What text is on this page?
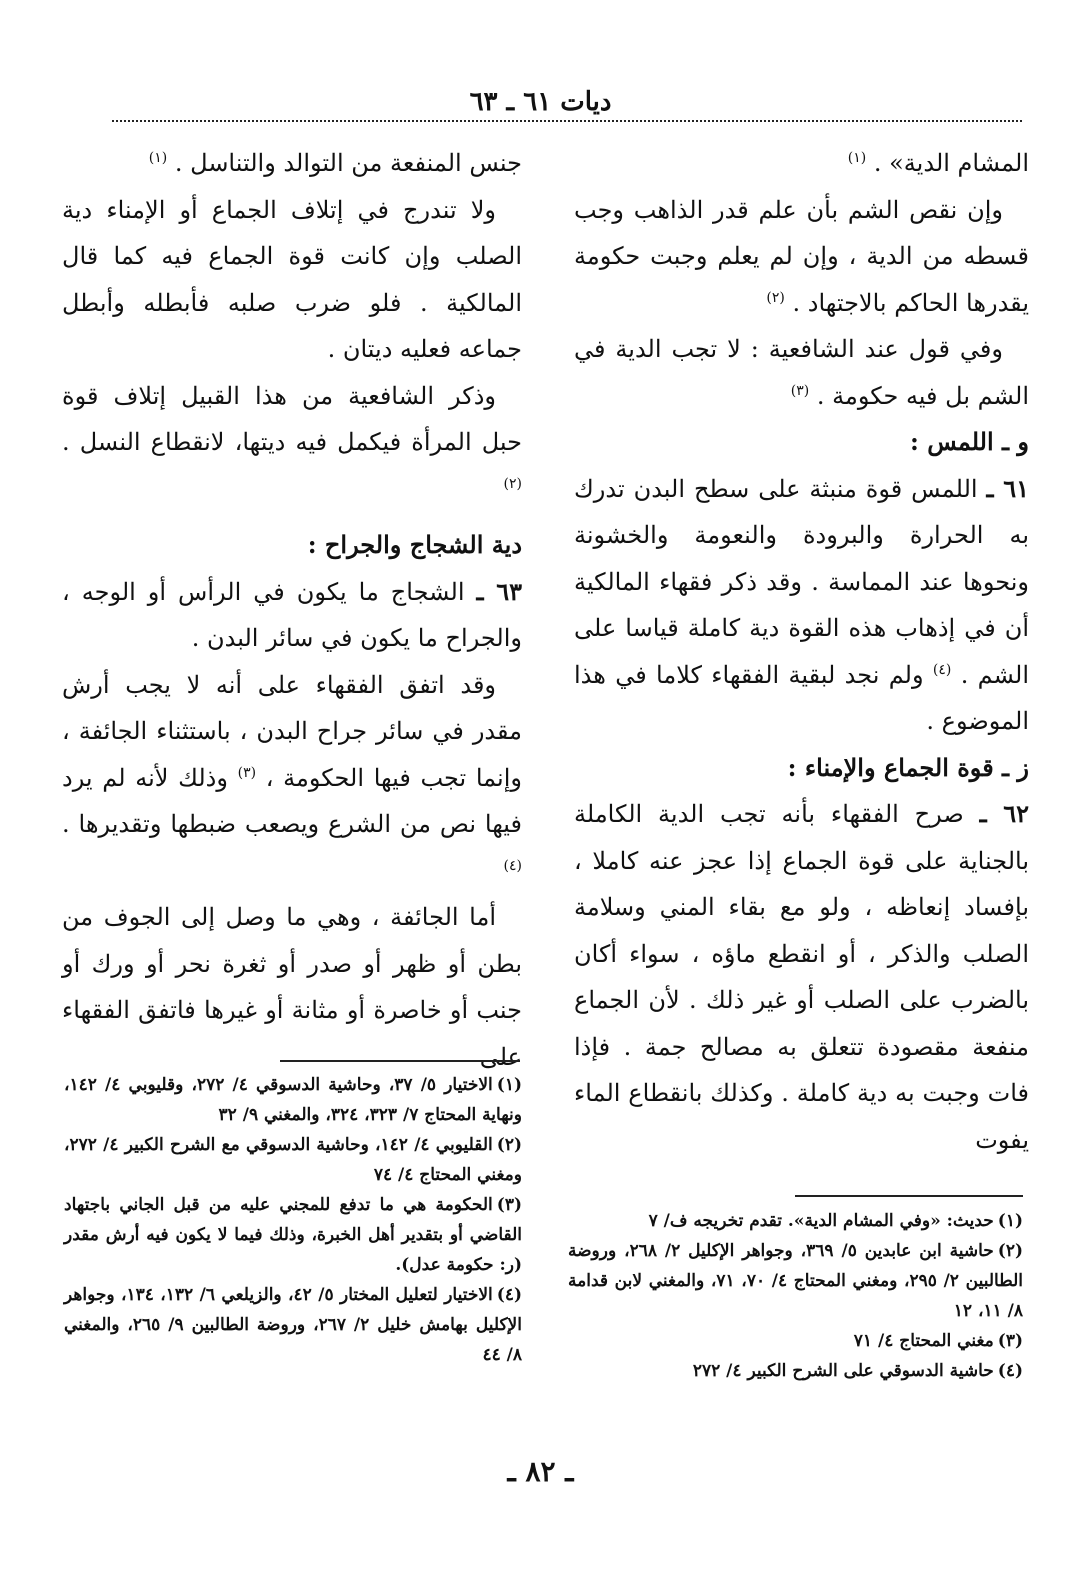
ديات ٦١ ـ ٦٣

المشام الدية» . $^{(١)}$

وإن نقص الشم بأن علم قدر الذاهب وجب قسطه من الدية ، وإن لم يعلم وجبت حكومة يقدرها الحاكم بالاجتهاد . $^{(٢)}$

وفي قول عند الشافعية : لا تجب الدية في الشم بل فيه حكومة . $^{(٣)}$

و ـ اللمس :

٦١ ـ اللمس قوة منبثة على سطح البدن تدرك به الحرارة والبرودة والنعومة والخشونة ونحوها عند المماسة . وقد ذكر فقهاء المالكية أن في إذهاب هذه القوة دية كاملة قياسا على الشم . $^{(٤)}$ ولم نجد لبقية الفقهاء كلاما في هذا الموضوع .

ز ـ قوة الجماع والإمناء :

٦٢ ـ صرح الفقهاء بأنه تجب الدية الكاملة بالجناية على قوة الجماع إذا عجز عنه كاملا ، بإفساد إنعاظه ، ولو مع بقاء المني وسلامة الصلب والذكر ، أو انقطع ماؤه ، سواء أكان بالضرب على الصلب أو غير ذلك . لأن الجماع منفعة مقصودة تتعلق به مصالح جمة . فإذا فات وجبت به دية كاملة . وكذلك بانقطاع الماء يفوت

جنس المنفعة من التوالد والتناسل . $^{(١)}$

ولا تندرج في إتلاف الجماع أو الإمناء دية الصلب وإن كانت قوة الجماع فيه كما قال المالكية . فلو ضرب صلبه فأبطله وأبطل جماعه فعليه ديتان .

وذكر الشافعية من هذا القبيل إتلاف قوة حبل المرأة فيكمل فيه ديتها، لانقطاع النسل . $^{(٢)}$

دية الشجاج والجراح :

٦٣ ـ الشجاج ما يكون في الرأس أو الوجه ، والجراح ما يكون في سائر البدن .

وقد اتفق الفقهاء على أنه لا يجب أرش مقدر في سائر جراح البدن ، باستثناء الجائفة ، وإنما تجب فيها الحكومة ، $^{(٣)}$ وذلك لأنه لم يرد فيها نص من الشرع ويصعب ضبطها وتقديرها . $^{(٤)}$

أما الجائفة ، وهي ما وصل إلى الجوف من بطن أو ظهر أو صدر أو ثغرة نحر أو ورك أو جنب أو خاصرة أو مثانة أو غيرها فاتفق الفقهاء على

(١)حديث: «وفي المشام الدية». تقدم تخريجه ف/ ٧

(٢)حاشية ابن عابدين ٥/ ٣٦٩، وجواهر الإكليل ٢/ ٢٦٨، وروضة الطالبين ٢/ ٢٩٥، ومغني المحتاج ٤/ ٧٠، ٧١، والمغني لابن قدامة ٨/ ١١، ١٢

(٣)مغني المحتاج ٤/ ٧١

(٤)حاشية الدسوقي على الشرح الكبير ٤/ ٢٧٢

(١)الاختيار ٥/ ٣٧، وحاشية الدسوقي ٤/ ٢٧٢، وقليوبي ٤/ ١٤٢، ونهاية المحتاج ٧/ ٣٢٣، ٣٢٤، والمغني ٩/ ٣٢

(٢)القليوبي ٤/ ١٤٢، وحاشية الدسوقي مع الشرح الكبير ٤/ ٢٧٢، ومغني المحتاج ٤/ ٧٤

(٣)الحكومة هي ما تدفع للمجني عليه من قبل الجاني باجتهاد القاضي أو بتقدير أهل الخبرة، وذلك فيما لا يكون فيه أرش مقدر (ر: حكومة عدل).

(٤)الاختيار لتعليل المختار ٥/ ٤٢، والزيلعي ٦/ ١٣٢، ١٣٤، وجواهر الإكليل بهامش خليل ٢/ ٢٦٧، وروضة الطالبين ٩/ ٢٦٥، والمغني ٨/ ٤٤

ـ ٨٢ ـ
